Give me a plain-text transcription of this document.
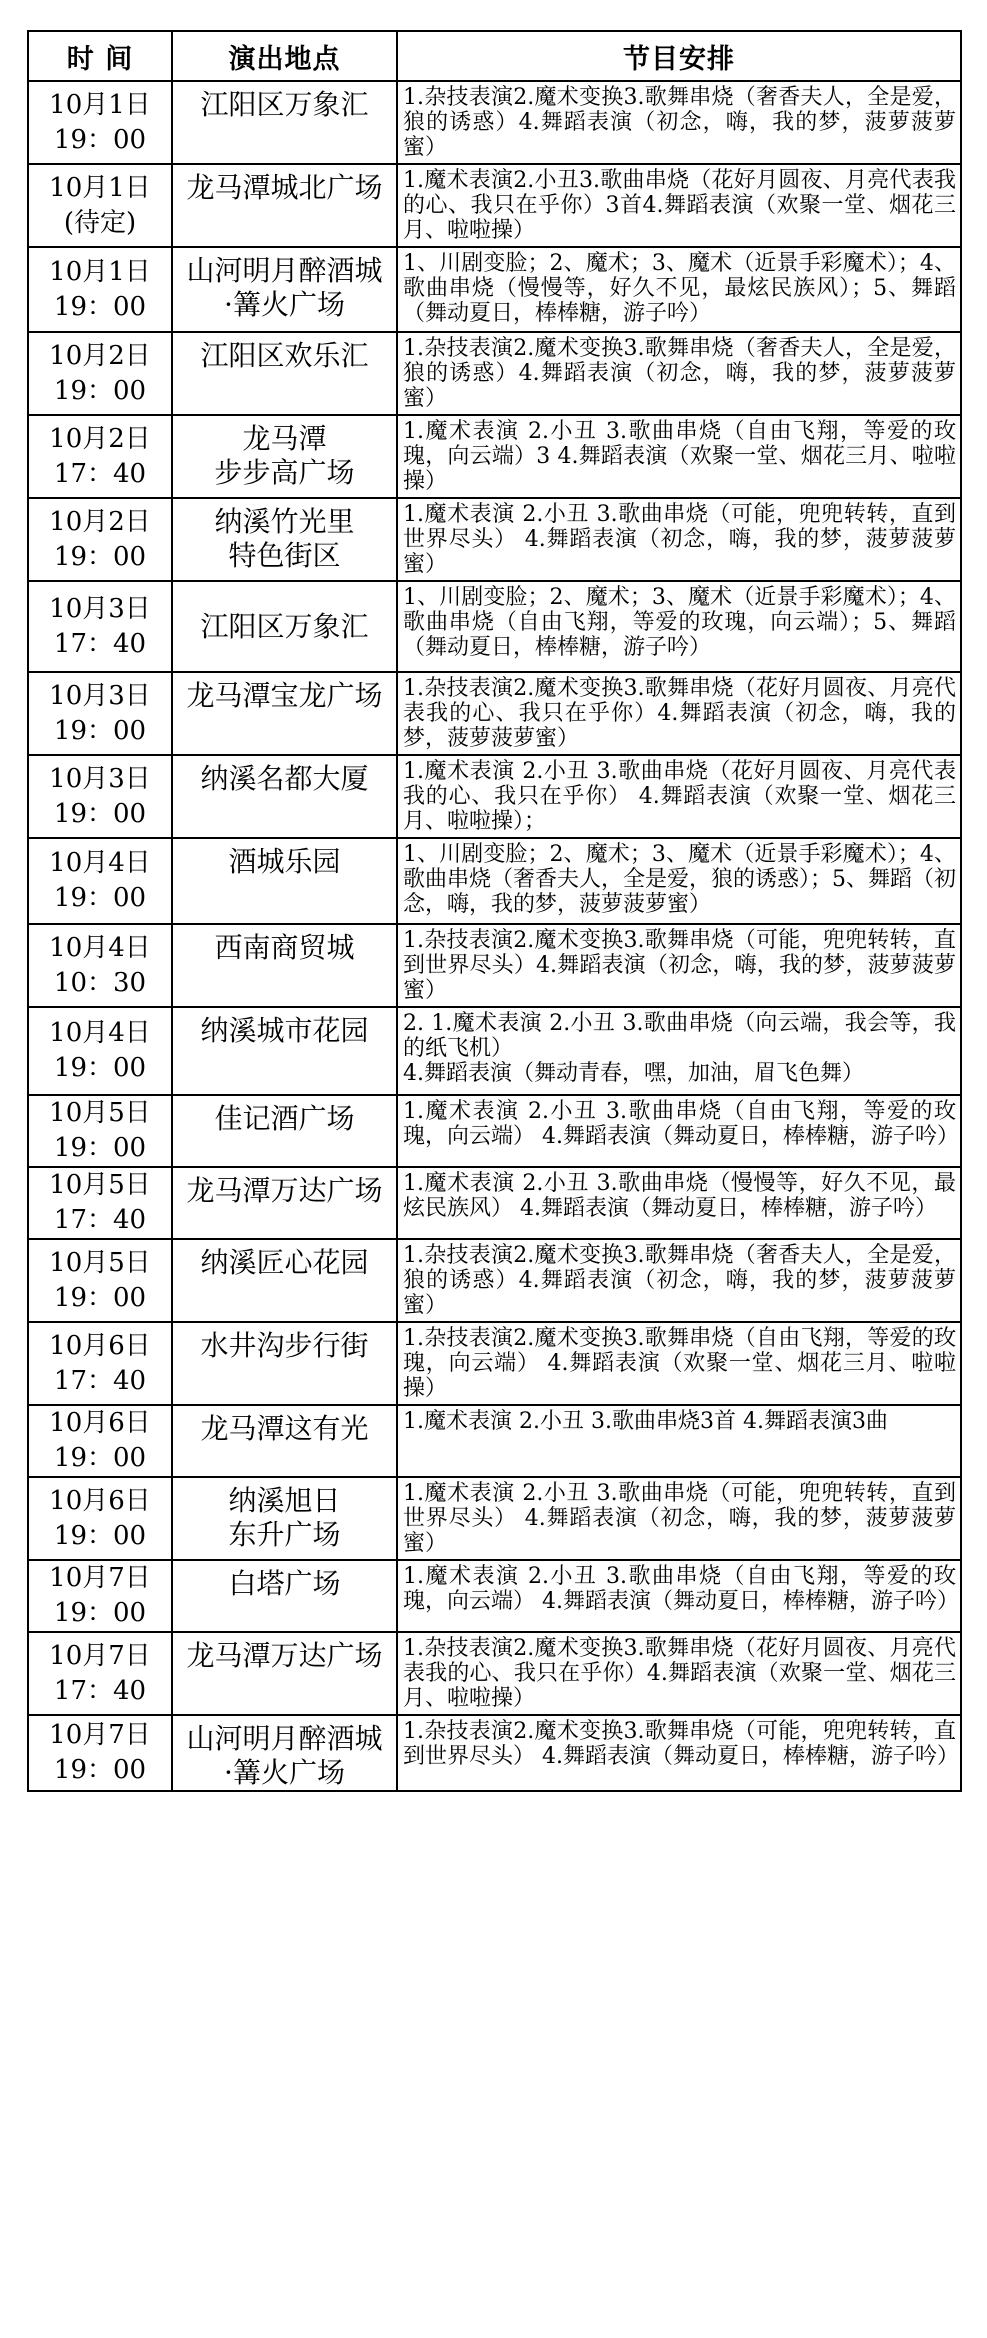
时 间	演出地点	节目安排

10月1日
19：00	江阳区万象汇	1.杂技表演2.魔术变换3.歌舞串烧（奢香夫人，全是爱，狼的诱惑）4.舞蹈表演（初念，嗨，我的梦，菠萝菠萝蜜）

10月1日
(待定)	龙马潭城北广场	1.魔术表演2.小丑3.歌曲串烧（花好月圆夜、月亮代表我的心、我只在乎你）3首4.舞蹈表演（欢聚一堂、烟花三月、啦啦操）

10月1日
19：00	山河明月醉酒城
·篝火广场	1、川剧变脸；2、魔术；3、魔术（近景手彩魔术）；4、歌曲串烧（慢慢等，好久不见，最炫民族风）；5、舞蹈（舞动夏日，棒棒糖，游子吟）

10月2日
19：00	江阳区欢乐汇	1.杂技表演2.魔术变换3.歌舞串烧（奢香夫人，全是爱，狼的诱惑）4.舞蹈表演（初念，嗨，我的梦，菠萝菠萝蜜）

10月2日
17：40	龙马潭
步步高广场	1.魔术表演 2.小丑 3.歌曲串烧（自由飞翔，等爱的玫瑰，向云端）3 4.舞蹈表演（欢聚一堂、烟花三月、啦啦操）

10月2日
19：00	纳溪竹光里
特色街区	1.魔术表演 2.小丑 3.歌曲串烧（可能，兜兜转转，直到世界尽头） 4.舞蹈表演（初念，嗨，我的梦，菠萝菠萝蜜）

10月3日
17：40	江阳区万象汇	1、川剧变脸；2、魔术；3、魔术（近景手彩魔术）；4、歌曲串烧（自由飞翔，等爱的玫瑰，向云端）；5、舞蹈（舞动夏日，棒棒糖，游子吟）

10月3日
19：00	龙马潭宝龙广场	1.杂技表演2.魔术变换3.歌舞串烧（花好月圆夜、月亮代表我的心、我只在乎你）4.舞蹈表演（初念，嗨，我的梦，菠萝菠萝蜜）

10月3日
19：00	纳溪名都大厦	1.魔术表演 2.小丑 3.歌曲串烧（花好月圆夜、月亮代表我的心、我只在乎你） 4.舞蹈表演（欢聚一堂、烟花三月、啦啦操）；

10月4日
19：00	酒城乐园	1、川剧变脸；2、魔术；3、魔术（近景手彩魔术）；4、歌曲串烧（奢香夫人，全是爱，狼的诱惑）；5、舞蹈（初念，嗨，我的梦，菠萝菠萝蜜）

10月4日
10：30	西南商贸城	1.杂技表演2.魔术变换3.歌舞串烧（可能，兜兜转转，直到世界尽头）4.舞蹈表演（初念，嗨，我的梦，菠萝菠萝蜜）

10月4日
19：00	纳溪城市花园	2. 1.魔术表演 2.小丑 3.歌曲串烧（向云端，我会等，我的纸飞机）
4.舞蹈表演（舞动青春，嘿，加油，眉飞色舞）

10月5日
19：00	佳记酒广场	1.魔术表演 2.小丑 3.歌曲串烧（自由飞翔，等爱的玫瑰，向云端） 4.舞蹈表演（舞动夏日，棒棒糖，游子吟）

10月5日
17：40	龙马潭万达广场	1.魔术表演 2.小丑 3.歌曲串烧（慢慢等，好久不见，最炫民族风） 4.舞蹈表演（舞动夏日，棒棒糖，游子吟）

10月5日
19：00	纳溪匠心花园	1.杂技表演2.魔术变换3.歌舞串烧（奢香夫人，全是爱，狼的诱惑）4.舞蹈表演（初念，嗨，我的梦，菠萝菠萝蜜）

10月6日
17：40	水井沟步行街	1.杂技表演2.魔术变换3.歌舞串烧（自由飞翔，等爱的玫瑰，向云端） 4.舞蹈表演（欢聚一堂、烟花三月、啦啦操）

10月6日
19：00	龙马潭这有光	1.魔术表演 2.小丑 3.歌曲串烧3首 4.舞蹈表演3曲

10月6日
19：00	纳溪旭日
东升广场	1.魔术表演 2.小丑 3.歌曲串烧（可能，兜兜转转，直到世界尽头） 4.舞蹈表演（初念，嗨，我的梦，菠萝菠萝蜜）

10月7日
19：00	白塔广场	1.魔术表演 2.小丑 3.歌曲串烧（自由飞翔，等爱的玫瑰，向云端） 4.舞蹈表演（舞动夏日，棒棒糖，游子吟）

10月7日
17：40	龙马潭万达广场	1.杂技表演2.魔术变换3.歌舞串烧（花好月圆夜、月亮代表我的心、我只在乎你）4.舞蹈表演（欢聚一堂、烟花三月、啦啦操）

10月7日
19：00	山河明月醉酒城
·篝火广场	1.杂技表演2.魔术变换3.歌舞串烧（可能，兜兜转转，直到世界尽头） 4.舞蹈表演（舞动夏日，棒棒糖，游子吟）
